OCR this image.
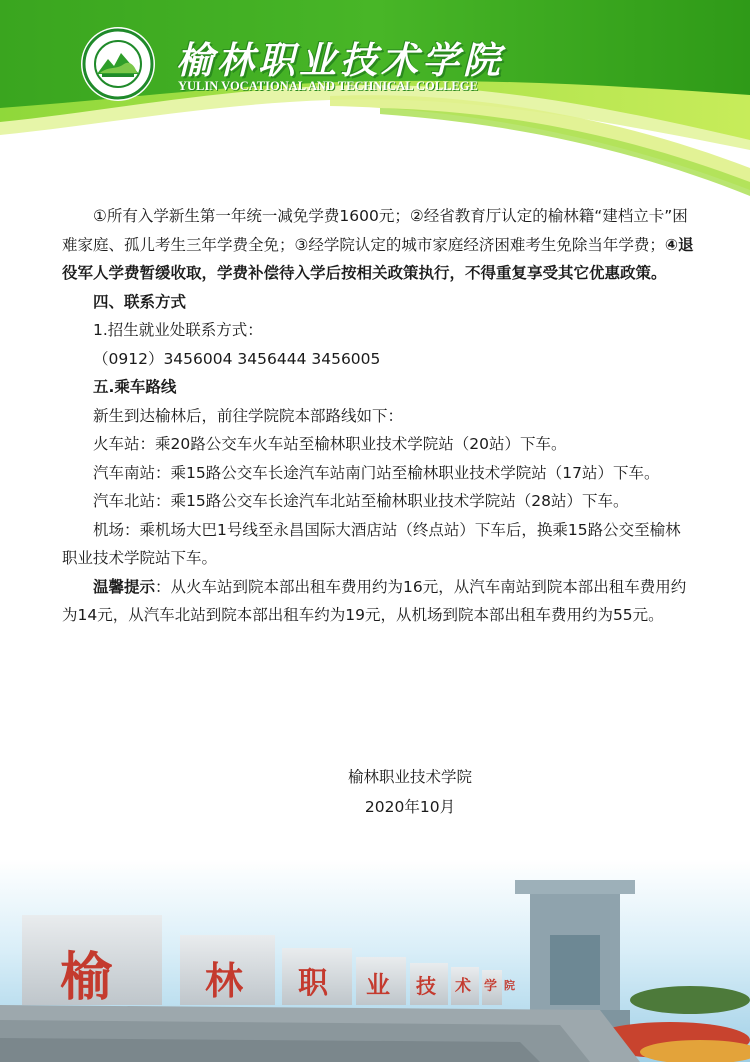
榆林职业技术学院
YULIN VOCATIONAL AND TECHNICAL COLLEGE

①所有入学新生第一年统一减免学费1600元；②经省教育厅认定的榆林籍“建档立卡”困难家庭、孤儿考生三年学费全免；③经学院认定的城市家庭经济困难考生免除当年学费；④退役军人学费暂缓收取，学费补偿待入学后按相关政策执行，不得重复享受其它优惠政策。

四、联系方式

1.招生就业处联系方式：

（0912）3456004 3456444 3456005

五.乘车路线

新生到达榆林后，前往学院院本部路线如下：

火车站：乘20路公交车火车站至榆林职业技术学院站（20站）下车。

汽车南站：乘15路公交车长途汽车站南门站至榆林职业技术学院站（17站）下车。

汽车北站：乘15路公交车长途汽车北站至榆林职业技术学院站（28站）下车。

机场：乘机场大巴1号线至永昌国际大酒店站（终点站）下车后，换乘15路公交至榆林职业技术学院站下车。

温馨提示：从火车站到院本部出租车费用约为16元，从汽车南站到院本部出租车费用约为14元，从汽车北站到院本部出租车约为19元，从机场到院本部出租车费用约为55元。

榆林职业技术学院
2020年10月
榆 林 职 业 技 术 学 院
